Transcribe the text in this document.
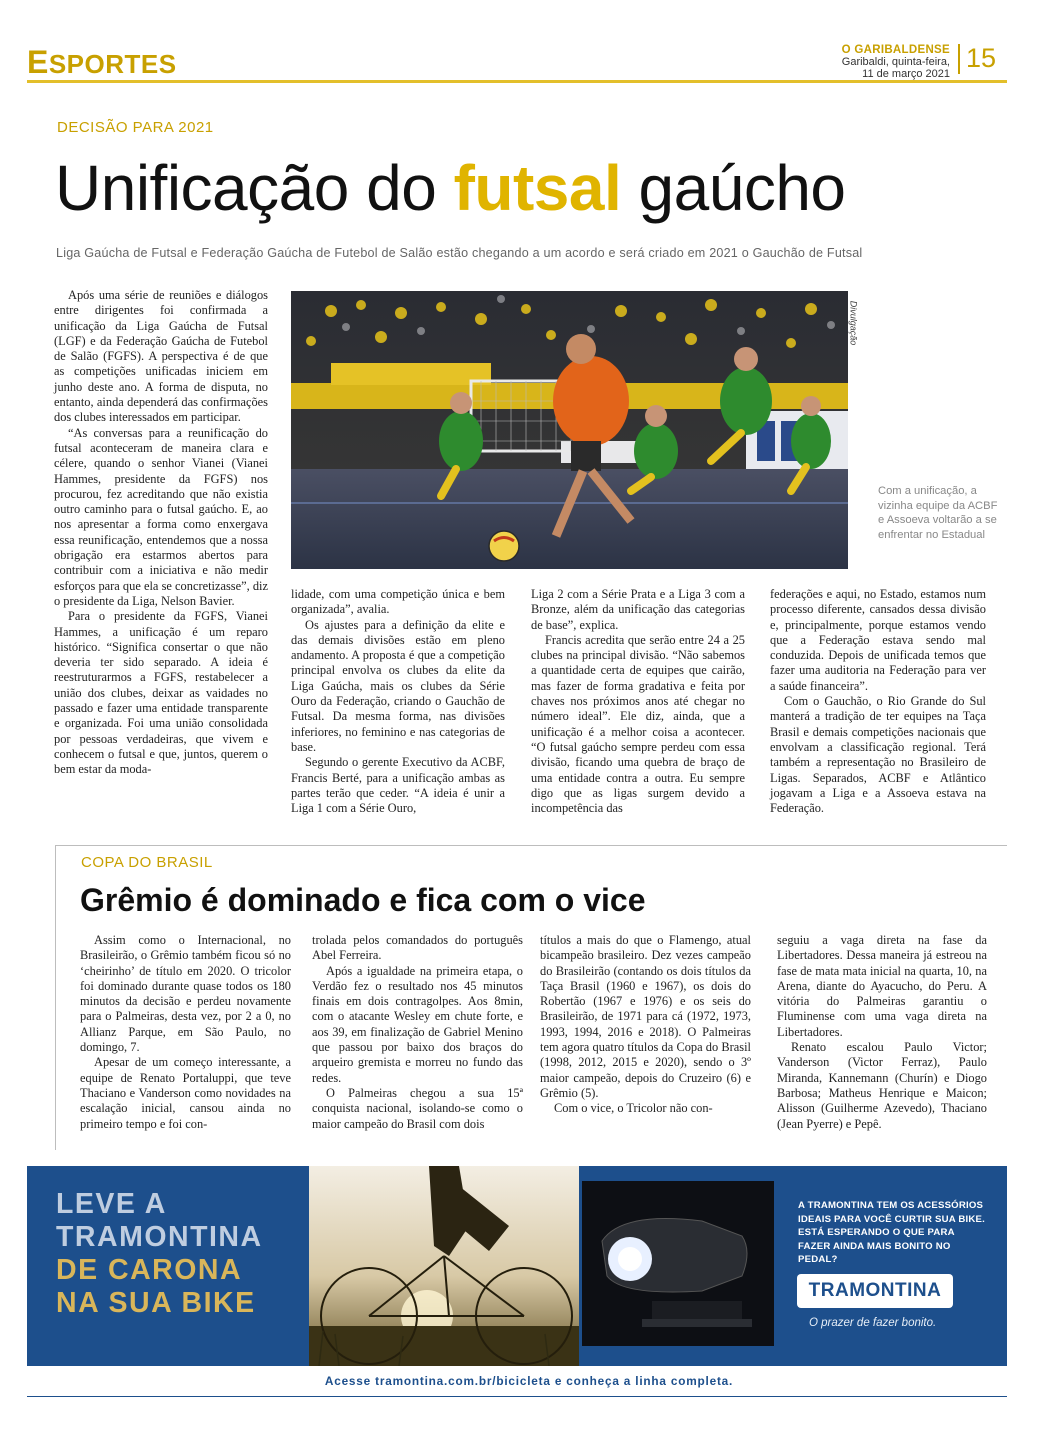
ESPORTES	O GARIBALDENSE
Garibaldi, quinta-feira,
11 de março 2021
15
DECISÃO PARA 2021
Unificação do futsal gaúcho
Liga Gaúcha de Futsal e Federação Gaúcha de Futebol de Salão estão chegando a um acordo e será criado em 2021 o Gauchão de Futsal

Após uma série de reuniões e diálogos entre dirigentes foi confirmada a unificação da Liga Gaúcha de Futsal (LGF) e da Federação Gaúcha de Futebol de Salão (FGFS). A perspectiva é de que as competições unificadas iniciem em junho deste ano. A forma de disputa, no entanto, ainda dependerá das confirmações dos clubes interessados em participar.

“As conversas para a reunificação do futsal aconteceram de maneira clara e célere, quando o senhor Vianei (Vianei Hammes, presidente da FGFS) nos procurou, fez acreditando que não existia outro caminho para o futsal gaúcho. E, ao nos apresentar a forma como enxergava essa reunificação, entendemos que a nossa obrigação era estarmos abertos para contribuir com a iniciativa e não medir esforços para que ela se concretizasse”, diz o presidente da Liga, Nelson Bavier.

Para o presidente da FGFS, Vianei Hammes, a unificação é um reparo histórico. “Significa consertar o que não deveria ter sido separado. A ideia é reestruturarmos a FGFS, restabelecer a união dos clubes, deixar as vaidades no passado e fazer uma entidade transparente e organizada. Foi uma união consolidada por pessoas verdadeiras, que vivem e conhecem o futsal e que, juntos, querem o bem estar da moda-

Divulgação
Com a unificação, a vizinha equipe da ACBF e Assoeva voltarão a se enfrentar no Estadual

lidade, com uma competição única e bem organizada”, avalia.

Os ajustes para a definição da elite e das demais divisões estão em pleno andamento. A proposta é que a competição principal envolva os clubes da elite da Liga Gaúcha, mais os clubes da Série Ouro da Federação, criando o Gauchão de Futsal. Da mesma forma, nas divisões inferiores, no feminino e nas categorias de base.

Segundo o gerente Executivo da ACBF, Francis Berté, para a unificação ambas as partes terão que ceder. “A ideia é unir a Liga 1 com a Série Ouro,

Liga 2 com a Série Prata e a Liga 3 com a Bronze, além da unificação das categorias de base”, explica.

Francis acredita que serão entre 24 a 25 clubes na principal divisão. “Não sabemos a quantidade certa de equipes que cairão, mas fazer de forma gradativa e feita por chaves nos próximos anos até chegar no número ideal”. Ele diz, ainda, que a unificação é a melhor coisa a acontecer. “O futsal gaúcho sempre perdeu com essa divisão, ficando uma quebra de braço de uma entidade contra a outra. Eu sempre digo que as ligas surgem devido a incompetência das

federações e aqui, no Estado, estamos num processo diferente, cansados dessa divisão e, principalmente, porque estamos vendo que a Federação estava sendo mal conduzida. Depois de unificada temos que fazer uma auditoria na Federação para ver a saúde financeira”.

Com o Gauchão, o Rio Grande do Sul manterá a tradição de ter equipes na Taça Brasil e demais competições nacionais que envolvam a classificação regional. Terá também a representação no Brasileiro de Ligas. Separados, ACBF e Atlântico jogavam a Liga e a Assoeva estava na Federação.

COPA DO BRASIL
Grêmio é dominado e fica com o vice

Assim como o Internacional, no Brasileirão, o Grêmio também ficou só no ‘cheirinho’ de título em 2020. O tricolor foi dominado durante quase todos os 180 minutos da decisão e perdeu novamente para o Palmeiras, desta vez, por 2 a 0, no Allianz Parque, em São Paulo, no domingo, 7.

Apesar de um começo interessante, a equipe de Renato Portaluppi, que teve Thaciano e Vanderson como novidades na escalação inicial, cansou ainda no primeiro tempo e foi con-

trolada pelos comandados do português Abel Ferreira.

Após a igualdade na primeira etapa, o Verdão fez o resultado nos 45 minutos finais em dois contragolpes. Aos 8min, com o atacante Wesley em chute forte, e aos 39, em finalização de Gabriel Menino que passou por baixo dos braços do arqueiro gremista e morreu no fundo das redes.

O Palmeiras chegou a sua 15ª conquista nacional, isolando-se como o maior campeão do Brasil com dois

títulos a mais do que o Flamengo, atual bicampeão brasileiro. Dez vezes campeão do Brasileirão (contando os dois títulos da Taça Brasil (1960 e 1967), os dois do Robertão (1967 e 1976) e os seis do Brasileirão, de 1971 para cá (1972, 1973, 1993, 1994, 2016 e 2018). O Palmeiras tem agora quatro títulos da Copa do Brasil (1998, 2012, 2015 e 2020), sendo o 3º maior campeão, depois do Cruzeiro (6) e Grêmio (5).

Com o vice, o Tricolor não con-

seguiu a vaga direta na fase da Libertadores. Dessa maneira já estreou na fase de mata mata inicial na quarta, 10, na Arena, diante do Ayacucho, do Peru. A vitória do Palmeiras garantiu o Fluminense com uma vaga direta na Libertadores.

Renato escalou Paulo Victor; Vanderson (Victor Ferraz), Paulo Miranda, Kannemann (Churín) e Diogo Barbosa; Matheus Henrique e Maicon; Alisson (Guilherme Azevedo), Thaciano (Jean Pyerre) e Pepê.

LEVE A
TRAMONTINA
DE CARONA
NA SUA BIKE
A TRAMONTINA TEM OS ACESSÓRIOS IDEAIS PARA VOCÊ CURTIR SUA BIKE. ESTÁ ESPERANDO O QUE PARA FAZER AINDA MAIS BONITO NO PEDAL?
TRAMONTINA
O prazer de fazer bonito.
Acesse tramontina.com.br/bicicleta e conheça a linha completa.
